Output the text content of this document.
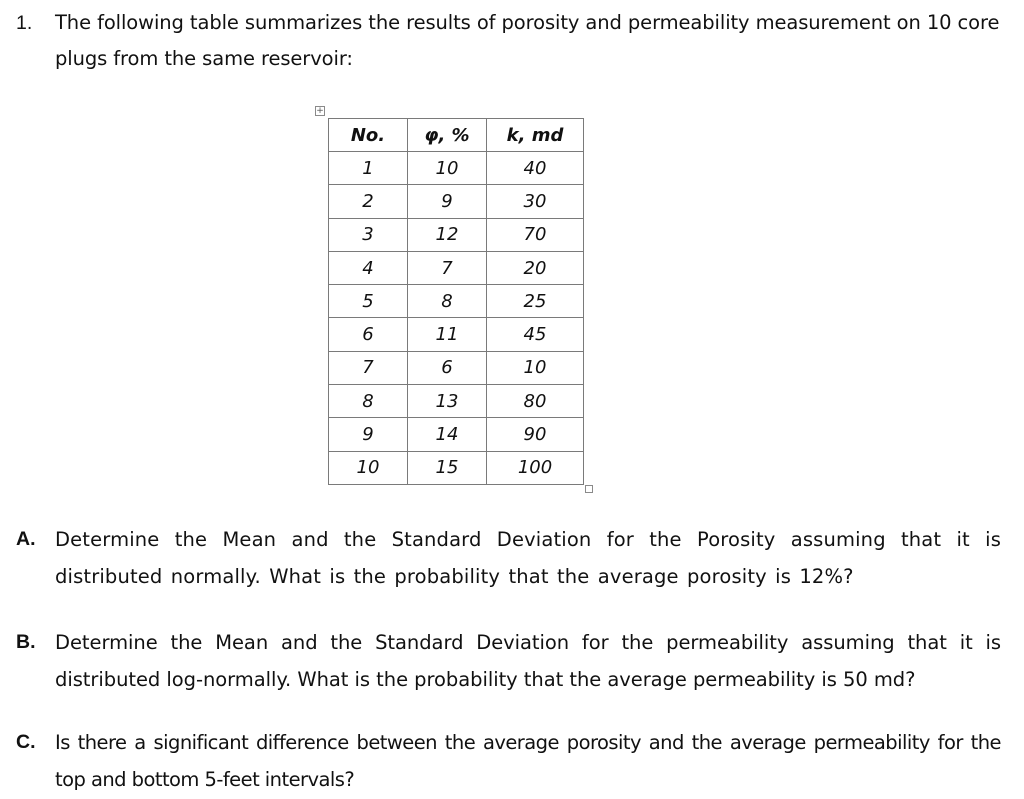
1. The following table summarizes the results of porosity and permeability measurement on 10 core plugs from the same reservoir:
+
No.	φ, %	k, md
1	10	40
2	9	30
3	12	70
4	7	20
5	8	25
6	11	45
7	6	10
8	13	80
9	14	90
10	15	100
A. Determine the Mean and the Standard Deviation for the Porosity assuming that it is distributed normally. What is the probability that the average porosity is 12%?
B. Determine the Mean and the Standard Deviation for the permeability assuming that it is distributed log-normally. What is the probability that the average permeability is 50 md?
C. Is there a significant difference between the average porosity and the average permeability for the top and bottom 5-feet intervals?
